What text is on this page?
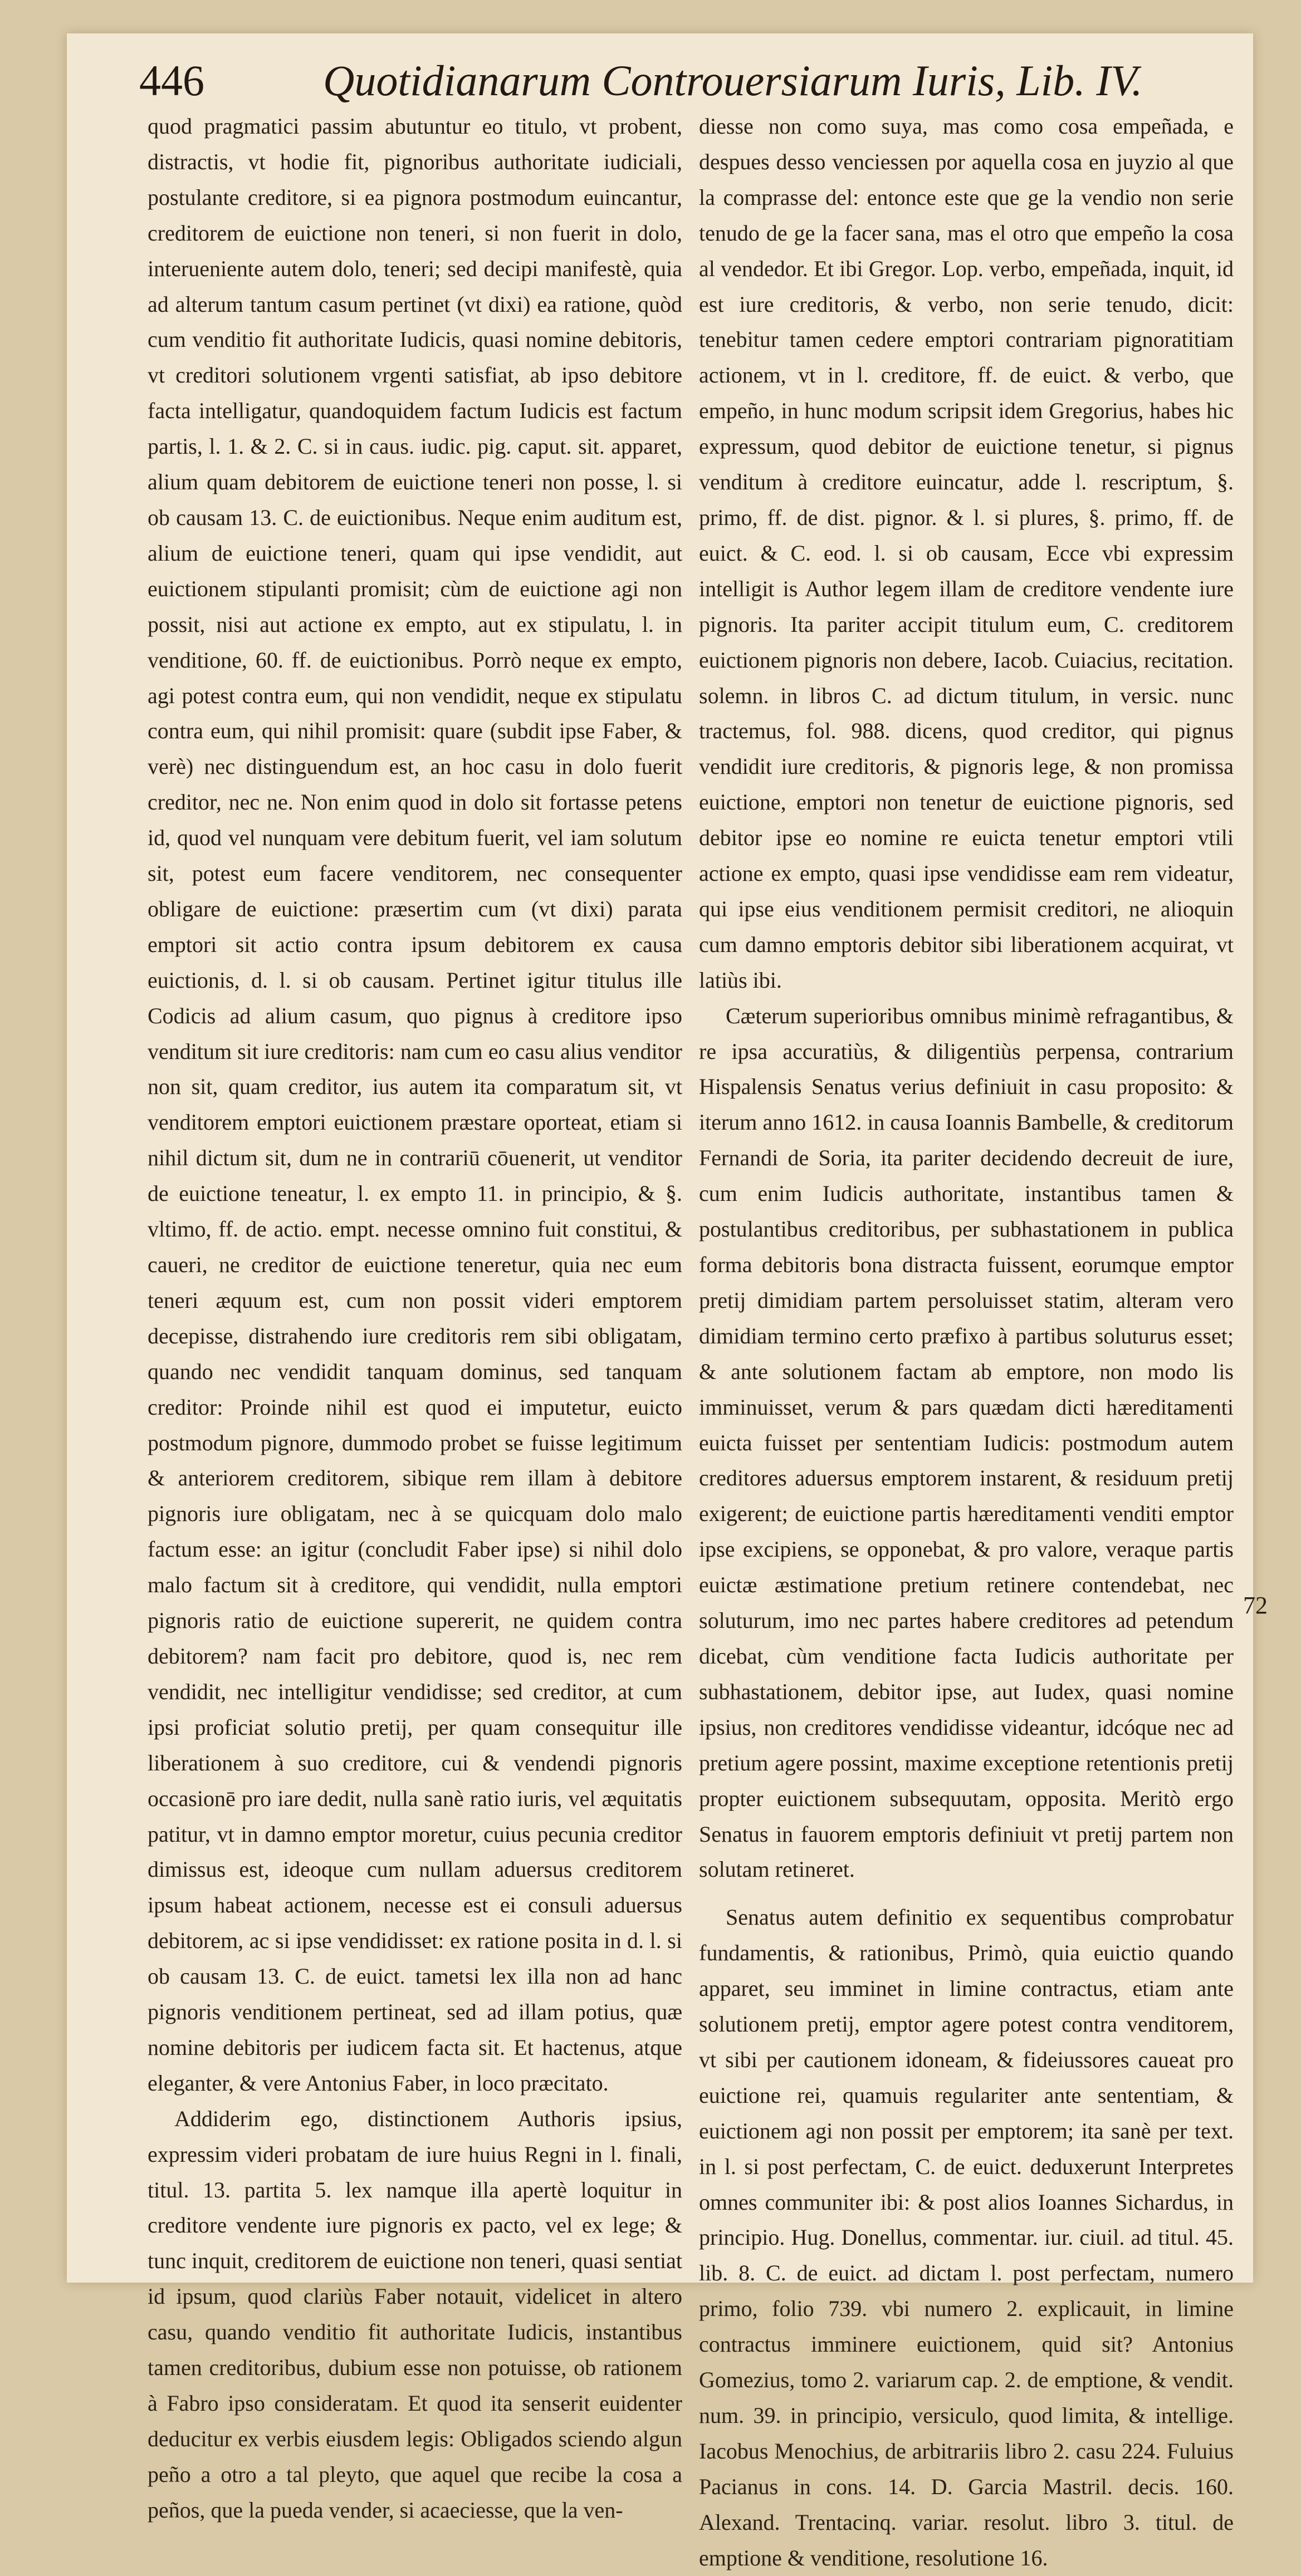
446	Quotidianarum Controuersiarum Iuris, Lib. IV.

quod pragmatici passim abutuntur eo titulo, vt probent, distractis, vt hodie fit, pignoribus authoritate iudiciali, postulante creditore, si ea pignora postmodum euincantur, creditorem de euictione non teneri, si non fuerit in dolo, interueniente autem dolo, teneri; sed decipi manifestè, quia ad alterum tantum casum pertinet (vt dixi) ea ratione, quòd cum venditio fit authoritate Iudicis, quasi nomine debitoris, vt creditori solutionem vrgenti satisfiat, ab ipso debitore facta intelligatur, quandoquidem factum Iudicis est factum partis, l. 1. & 2. C. si in caus. iudic. pig. caput. sit. apparet, alium quam debitorem de euictione teneri non posse, l. si ob causam 13. C. de euictionibus. Neque enim auditum est, alium de euictione teneri, quam qui ipse vendidit, aut euictionem stipulanti promisit; cùm de euictione agi non possit, nisi aut actione ex empto, aut ex stipulatu, l. in venditione, 60. ff. de euictionibus. Porrò neque ex empto, agi potest contra eum, qui non vendidit, neque ex stipulatu contra eum, qui nihil promisit: quare (subdit ipse Faber, & verè) nec distinguendum est, an hoc casu in dolo fuerit creditor, nec ne. Non enim quod in dolo sit fortasse petens id, quod vel nunquam vere debitum fuerit, vel iam solutum sit, potest eum facere venditorem, nec consequenter obligare de euictione: præsertim cum (vt dixi) parata emptori sit actio contra ipsum debitorem ex causa euictionis, d. l. si ob causam. Pertinet igitur titulus ille Codicis ad alium casum, quo pignus à creditore ipso venditum sit iure creditoris: nam cum eo casu alius venditor non sit, quam creditor, ius autem ita comparatum sit, vt venditorem emptori euictionem præstare oporteat, etiam si nihil dictum sit, dum ne in contrariū cōuenerit, ut venditor de euictione teneatur, l. ex empto 11. in principio, & §. vltimo, ff. de actio. empt. necesse omnino fuit constitui, & caueri, ne creditor de euictione teneretur, quia nec eum teneri æquum est, cum non possit videri emptorem decepisse, distrahendo iure creditoris rem sibi obligatam, quando nec vendidit tanquam dominus, sed tanquam creditor: Proinde nihil est quod ei imputetur, euicto postmodum pignore, dummodo probet se fuisse legitimum & anteriorem creditorem, sibique rem illam à debitore pignoris iure obligatam, nec à se quicquam dolo malo factum esse: an igitur (concludit Faber ipse) si nihil dolo malo factum sit à creditore, qui vendidit, nulla emptori pignoris ratio de euictione supererit, ne quidem contra debitorem? nam facit pro debitore, quod is, nec rem vendidit, nec intelligitur vendidisse; sed creditor, at cum ipsi proficiat solutio pretij, per quam consequitur ille liberationem à suo creditore, cui & vendendi pignoris occasionē pro iare dedit, nulla sanè ratio iuris, vel æquitatis patitur, vt in damno emptor moretur, cuius pecunia creditor dimissus est, ideoque cum nullam aduersus creditorem ipsum habeat actionem, necesse est ei consuli aduersus debitorem, ac si ipse vendidisset: ex ratione posita in d. l. si ob causam 13. C. de euict. tametsi lex illa non ad hanc pignoris venditionem pertineat, sed ad illam potius, quæ nomine debitoris per iudicem facta sit. Et hactenus, atque eleganter, & vere Antonius Faber, in loco præcitato.

Addiderim ego, distinctionem Authoris ipsius, expressim videri probatam de iure huius Regni in l. finali, titul. 13. partita 5. lex namque illa apertè loquitur in creditore vendente iure pignoris ex pacto, vel ex lege; & tunc inquit, creditorem de euictione non teneri, quasi sentiat id ipsum, quod clariùs Faber notauit, videlicet in altero casu, quando venditio fit authoritate Iudicis, instantibus tamen creditoribus, dubium esse non potuisse, ob rationem à Fabro ipso consideratam. Et quod ita senserit euidenter deducitur ex verbis eiusdem legis: Obligados sciendo algun peño a otro a tal pleyto, que aquel que recibe la cosa a peños, que la pueda vender, si acaeciesse, que la ven-

diesse non como suya, mas como cosa empeñada, e despues desso venciessen por aquella cosa en juyzio al que la comprasse del: entonce este que ge la vendio non serie tenudo de ge la facer sana, mas el otro que empeño la cosa al vendedor. Et ibi Gregor. Lop. verbo, empeñada, inquit, id est iure creditoris, & verbo, non serie tenudo, dicit: tenebitur tamen cedere emptori contrariam pignoratitiam actionem, vt in l. creditore, ff. de euict. & verbo, que empeño, in hunc modum scripsit idem Gregorius, habes hic expressum, quod debitor de euictione tenetur, si pignus venditum à creditore euincatur, adde l. rescriptum, §. primo, ff. de dist. pignor. & l. si plures, §. primo, ff. de euict. & C. eod. l. si ob causam, Ecce vbi expressim intelligit is Author legem illam de creditore vendente iure pignoris. Ita pariter accipit titulum eum, C. creditorem euictionem pignoris non debere, Iacob. Cuiacius, recitation. solemn. in libros C. ad dictum titulum, in versic. nunc tractemus, fol. 988. dicens, quod creditor, qui pignus vendidit iure creditoris, & pignoris lege, & non promissa euictione, emptori non tenetur de euictione pignoris, sed debitor ipse eo nomine re euicta tenetur emptori vtili actione ex empto, quasi ipse vendidisse eam rem videatur, qui ipse eius venditionem permisit creditori, ne alioquin cum damno emptoris debitor sibi liberationem acquirat, vt latiùs ibi.

Cæterum superioribus omnibus minimè refragantibus, & re ipsa accuratiùs, & diligentiùs perpensa, contrarium Hispalensis Senatus verius definiuit in casu proposito: & iterum anno 1612. in causa Ioannis Bambelle, & creditorum Fernandi de Soria, ita pariter decidendo decreuit de iure, cum enim Iudicis authoritate, instantibus tamen & postulantibus creditoribus, per subhastationem in publica forma debitoris bona distracta fuissent, eorumque emptor pretij dimidiam partem persoluisset statim, alteram vero dimidiam termino certo præfixo à partibus soluturus esset; & ante solutionem factam ab emptore, non modo lis imminuisset, verum & pars quædam dicti hæreditamenti euicta fuisset per sententiam Iudicis: postmodum autem creditores aduersus emptorem instarent, & residuum pretij exigerent; de euictione partis hæreditamenti venditi emptor ipse excipiens, se opponebat, & pro valore, veraque partis euictæ æstimatione pretium retinere contendebat, nec soluturum, imo nec partes habere creditores ad petendum dicebat, cùm venditione facta Iudicis authoritate per subhastationem, debitor ipse, aut Iudex, quasi nomine ipsius, non creditores vendidisse videantur, idcóque nec ad pretium agere possint, maxime exceptione retentionis pretij propter euictionem subsequutam, opposita. Meritò ergo Senatus in fauorem emptoris definiuit vt pretij partem non solutam retineret.

Senatus autem definitio ex sequentibus comprobatur fundamentis, & rationibus, Primò, quia euictio quando apparet, seu imminet in limine contractus, etiam ante solutionem pretij, emptor agere potest contra venditorem, vt sibi per cautionem idoneam, & fideiussores caueat pro euictione rei, quamuis regulariter ante sententiam, & euictionem agi non possit per emptorem; ita sanè per text. in l. si post perfectam, C. de euict. deduxerunt Interpretes omnes communiter ibi: & post alios Ioannes Sichardus, in principio. Hug. Donellus, commentar. iur. ciuil. ad titul. 45. lib. 8. C. de euict. ad dictam l. post perfectam, numero primo, folio 739. vbi numero 2. explicauit, in limine contractus imminere euictionem, quid sit? Antonius Gomezius, tomo 2. variarum cap. 2. de emptione, & vendit. num. 39. in principio, versiculo, quod limita, & intellige. Iacobus Menochius, de arbitrariis libro 2. casu 224. Fuluius Pacianus in cons. 14. D. Garcia Mastril. decis. 160. Alexand. Trentacinq. variar. resolut. libro 3. titul. de emptione & venditione, resolutione 16.

72
